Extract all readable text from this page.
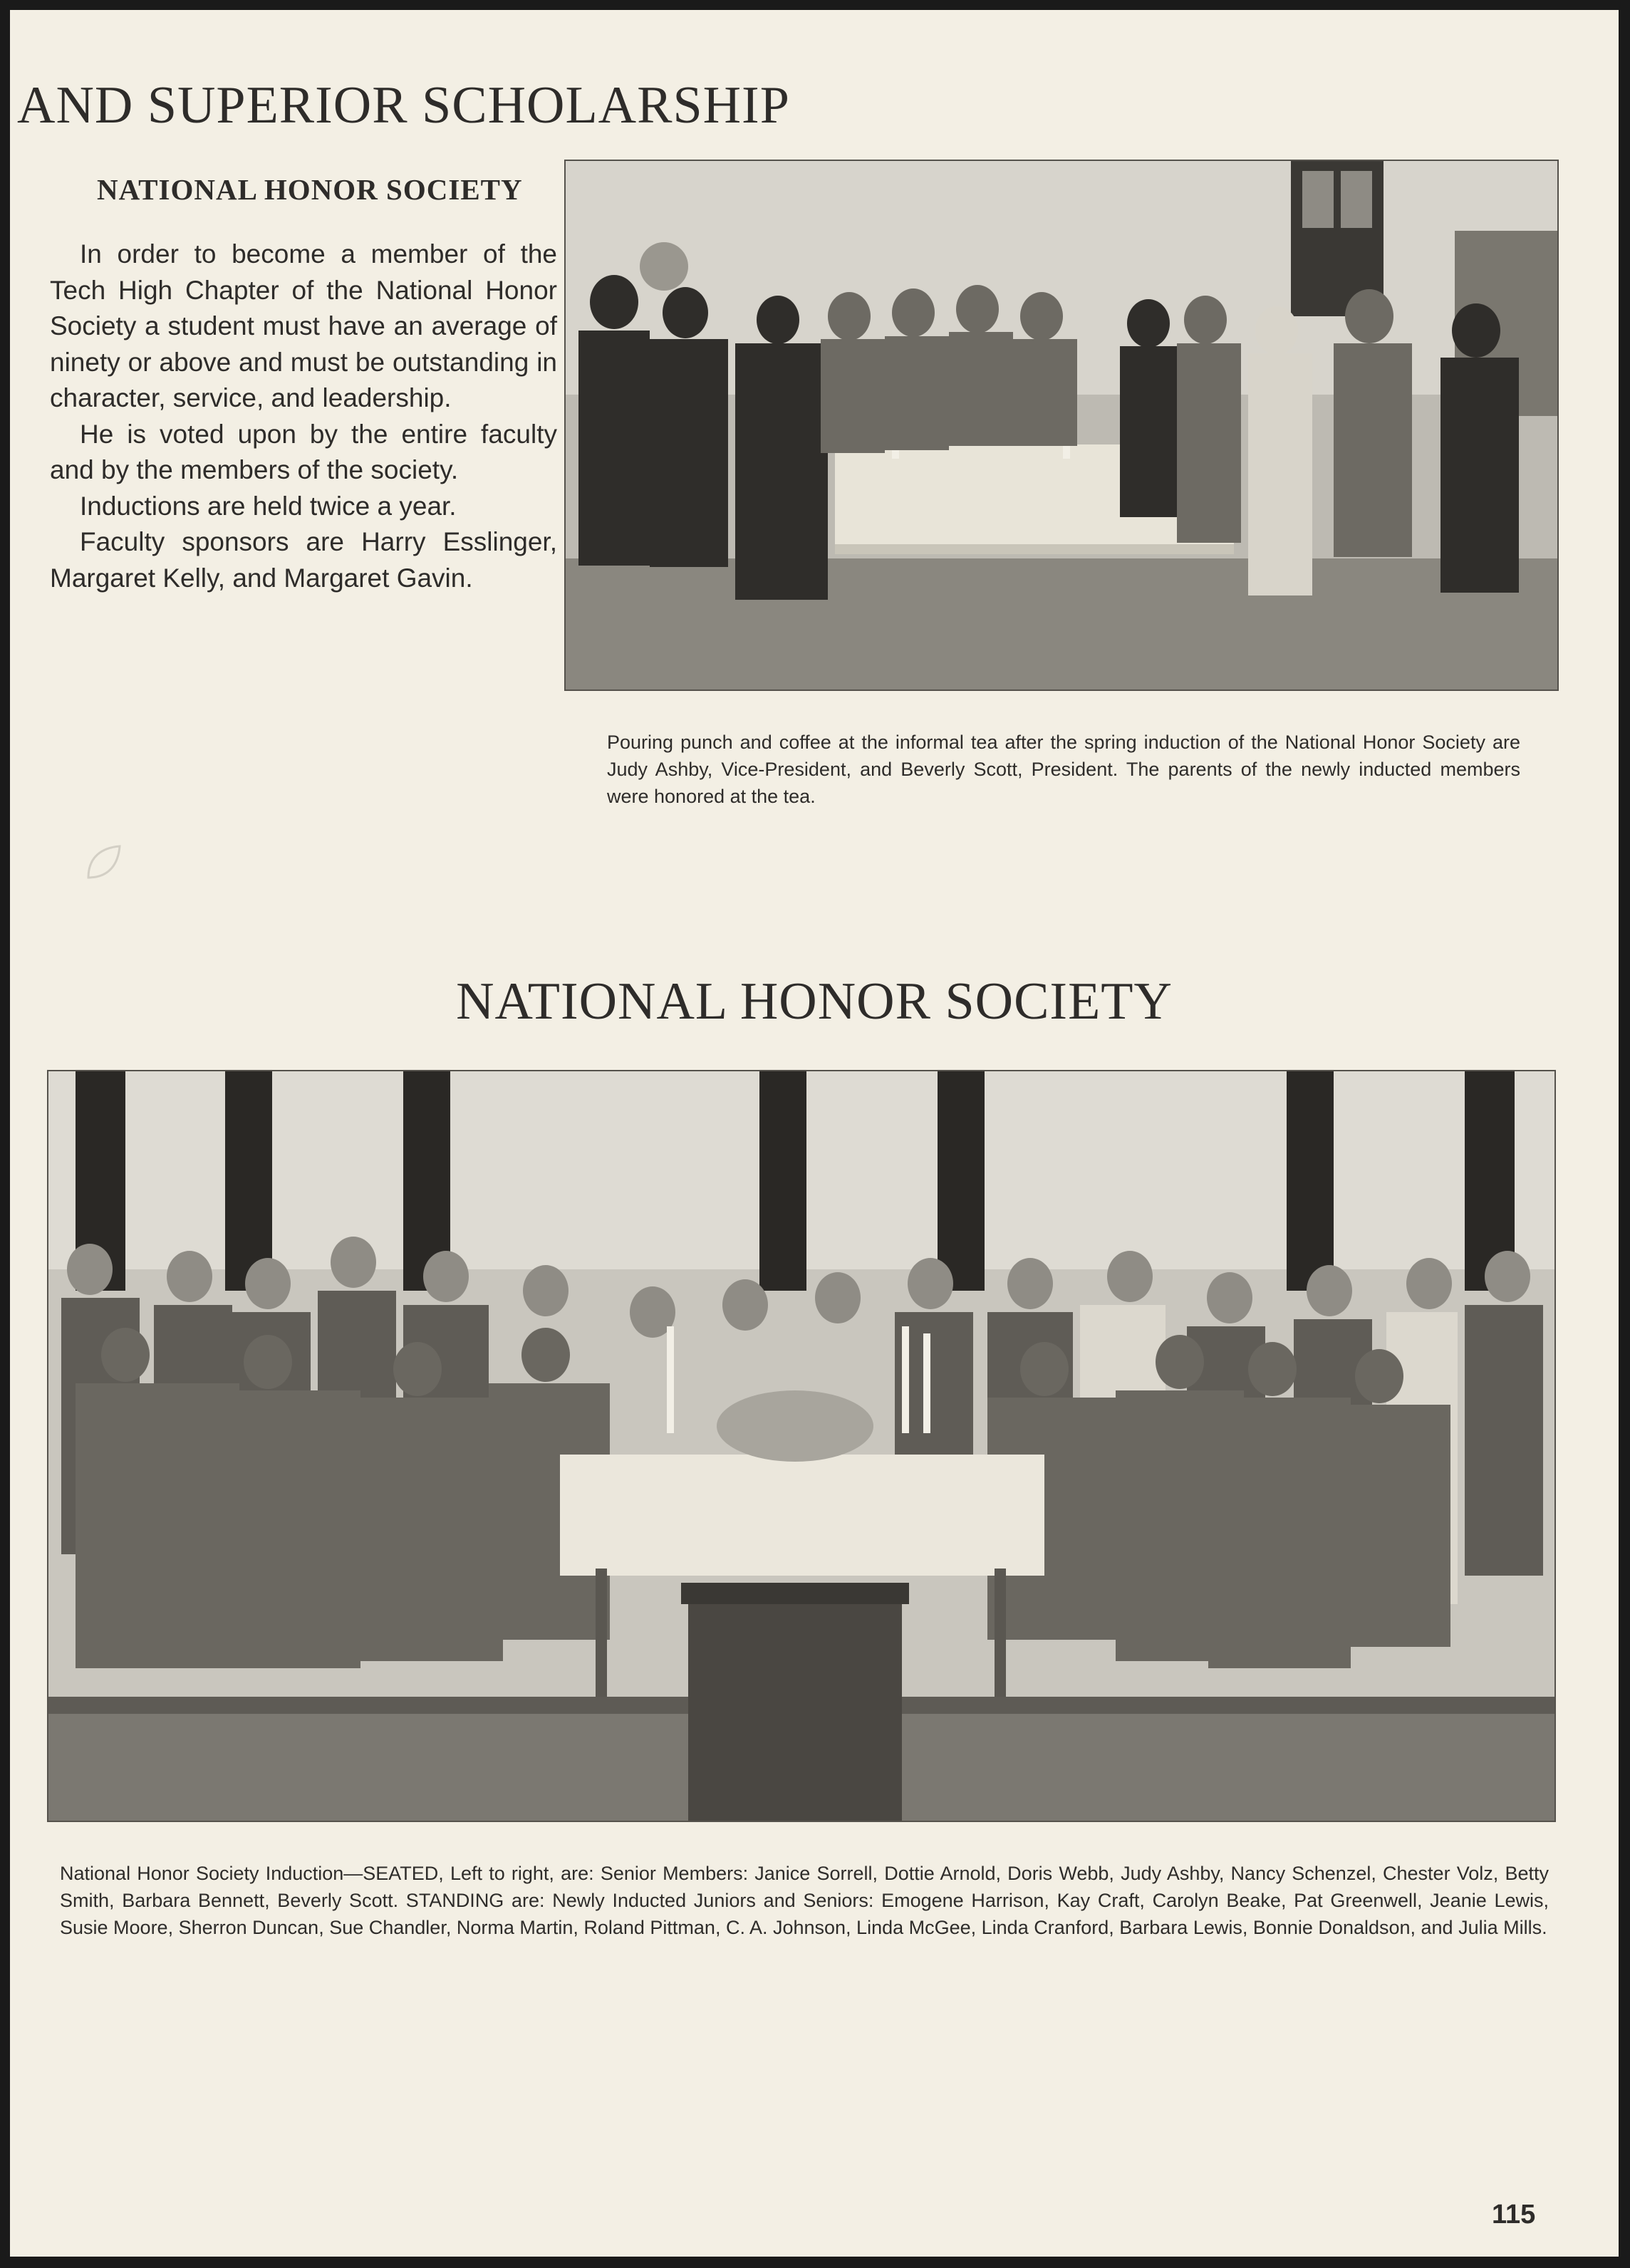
AND SUPERIOR SCHOLARSHIP
NATIONAL HONOR SOCIETY

In order to become a member of the Tech High Chapter of the National Honor Society a student must have an average of ninety or above and must be outstanding in character, service, and leadership.

He is voted upon by the entire faculty and by the members of the society.

Inductions are held twice a year.

Faculty sponsors are Harry Esslinger, Margaret Kelly, and Margaret Gavin.

Pouring punch and coffee at the informal tea after the spring induction of the National Honor Society are Judy Ashby, Vice-President, and Beverly Scott, President. The parents of the newly inducted members were honored at the tea.

NATIONAL HONOR SOCIETY

National Honor Society Induction—SEATED, Left to right, are: Senior Members: Janice Sorrell, Dottie Arnold, Doris Webb, Judy Ashby, Nancy Schenzel, Chester Volz, Betty Smith, Barbara Bennett, Beverly Scott. STANDING are: Newly Inducted Juniors and Seniors: Emogene Harrison, Kay Craft, Carolyn Beake, Pat Greenwell, Jeanie Lewis, Susie Moore, Sherron Duncan, Sue Chandler, Norma Martin, Roland Pittman, C. A. Johnson, Linda McGee, Linda Cranford, Barbara Lewis, Bonnie Donaldson, and Julia Mills.

115
